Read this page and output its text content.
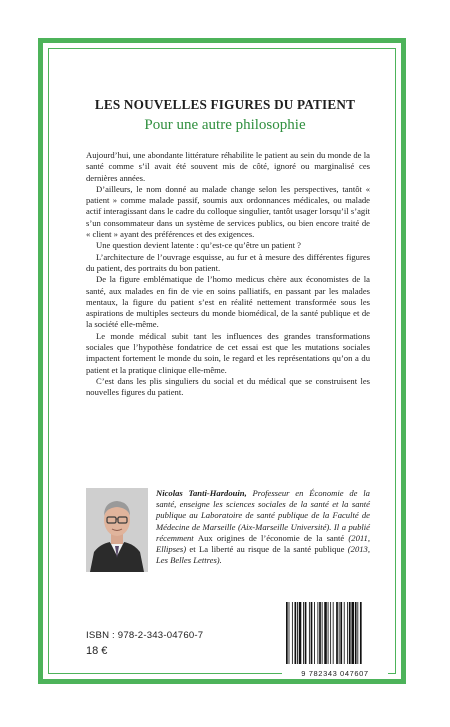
LES NOUVELLES FIGURES DU PATIENT
Pour une autre philosophie

Aujourd’hui, une abondante littérature réhabilite le patient au sein du monde de la santé comme s’il avait été souvent mis de côté, ignoré ou marginalisé ces dernières années.

D’ailleurs, le nom donné au malade change selon les perspectives, tantôt « patient » comme malade passif, soumis aux ordonnances médicales, ou malade actif interagissant dans le cadre du colloque singulier, tantôt usager lorsqu’il s’agit s’un consommateur dans un système de services publics, ou bien encore traité de « client » ayant des préférences et des exigences.

Une question devient latente : qu’est-ce qu’être un patient ?

L’architecture de l’ouvrage esquisse, au fur et à mesure des différentes figures du patient, des portraits du bon patient.

De la figure emblématique de l’homo medicus chère aux économistes de la santé, aux malades en fin de vie en soins palliatifs, en passant par les malades mentaux, la figure du patient s’est en réalité nettement transformée sous les aspirations de multiples secteurs du monde biomédical, de la santé publique et de la société elle-même.

Le monde médical subit tant les influences des grandes transformations sociales que l’hypothèse fondatrice de cet essai est que les mutations sociales impactent fortement le monde du soin, le regard et les représentations qu’on a du patient et la pratique clinique elle-même.

C’est dans les plis singuliers du social et du médical que se construisent les nouvelles figures du patient.

Nicolas Tanti-Hardouin, Professeur en Économie de la santé, enseigne les sciences sociales de la santé et la santé publique au Laboratoire de santé publique de la Faculté de Médecine de Marseille (Aix-Marseille Université). Il a publié récemment Aux origines de l’économie de la santé (2011, Ellipses) et La liberté au risque de la santé publique (2013, Les Belles Lettres).
ISBN : 978-2-343-04760-7
18 €
9 782343 047607
